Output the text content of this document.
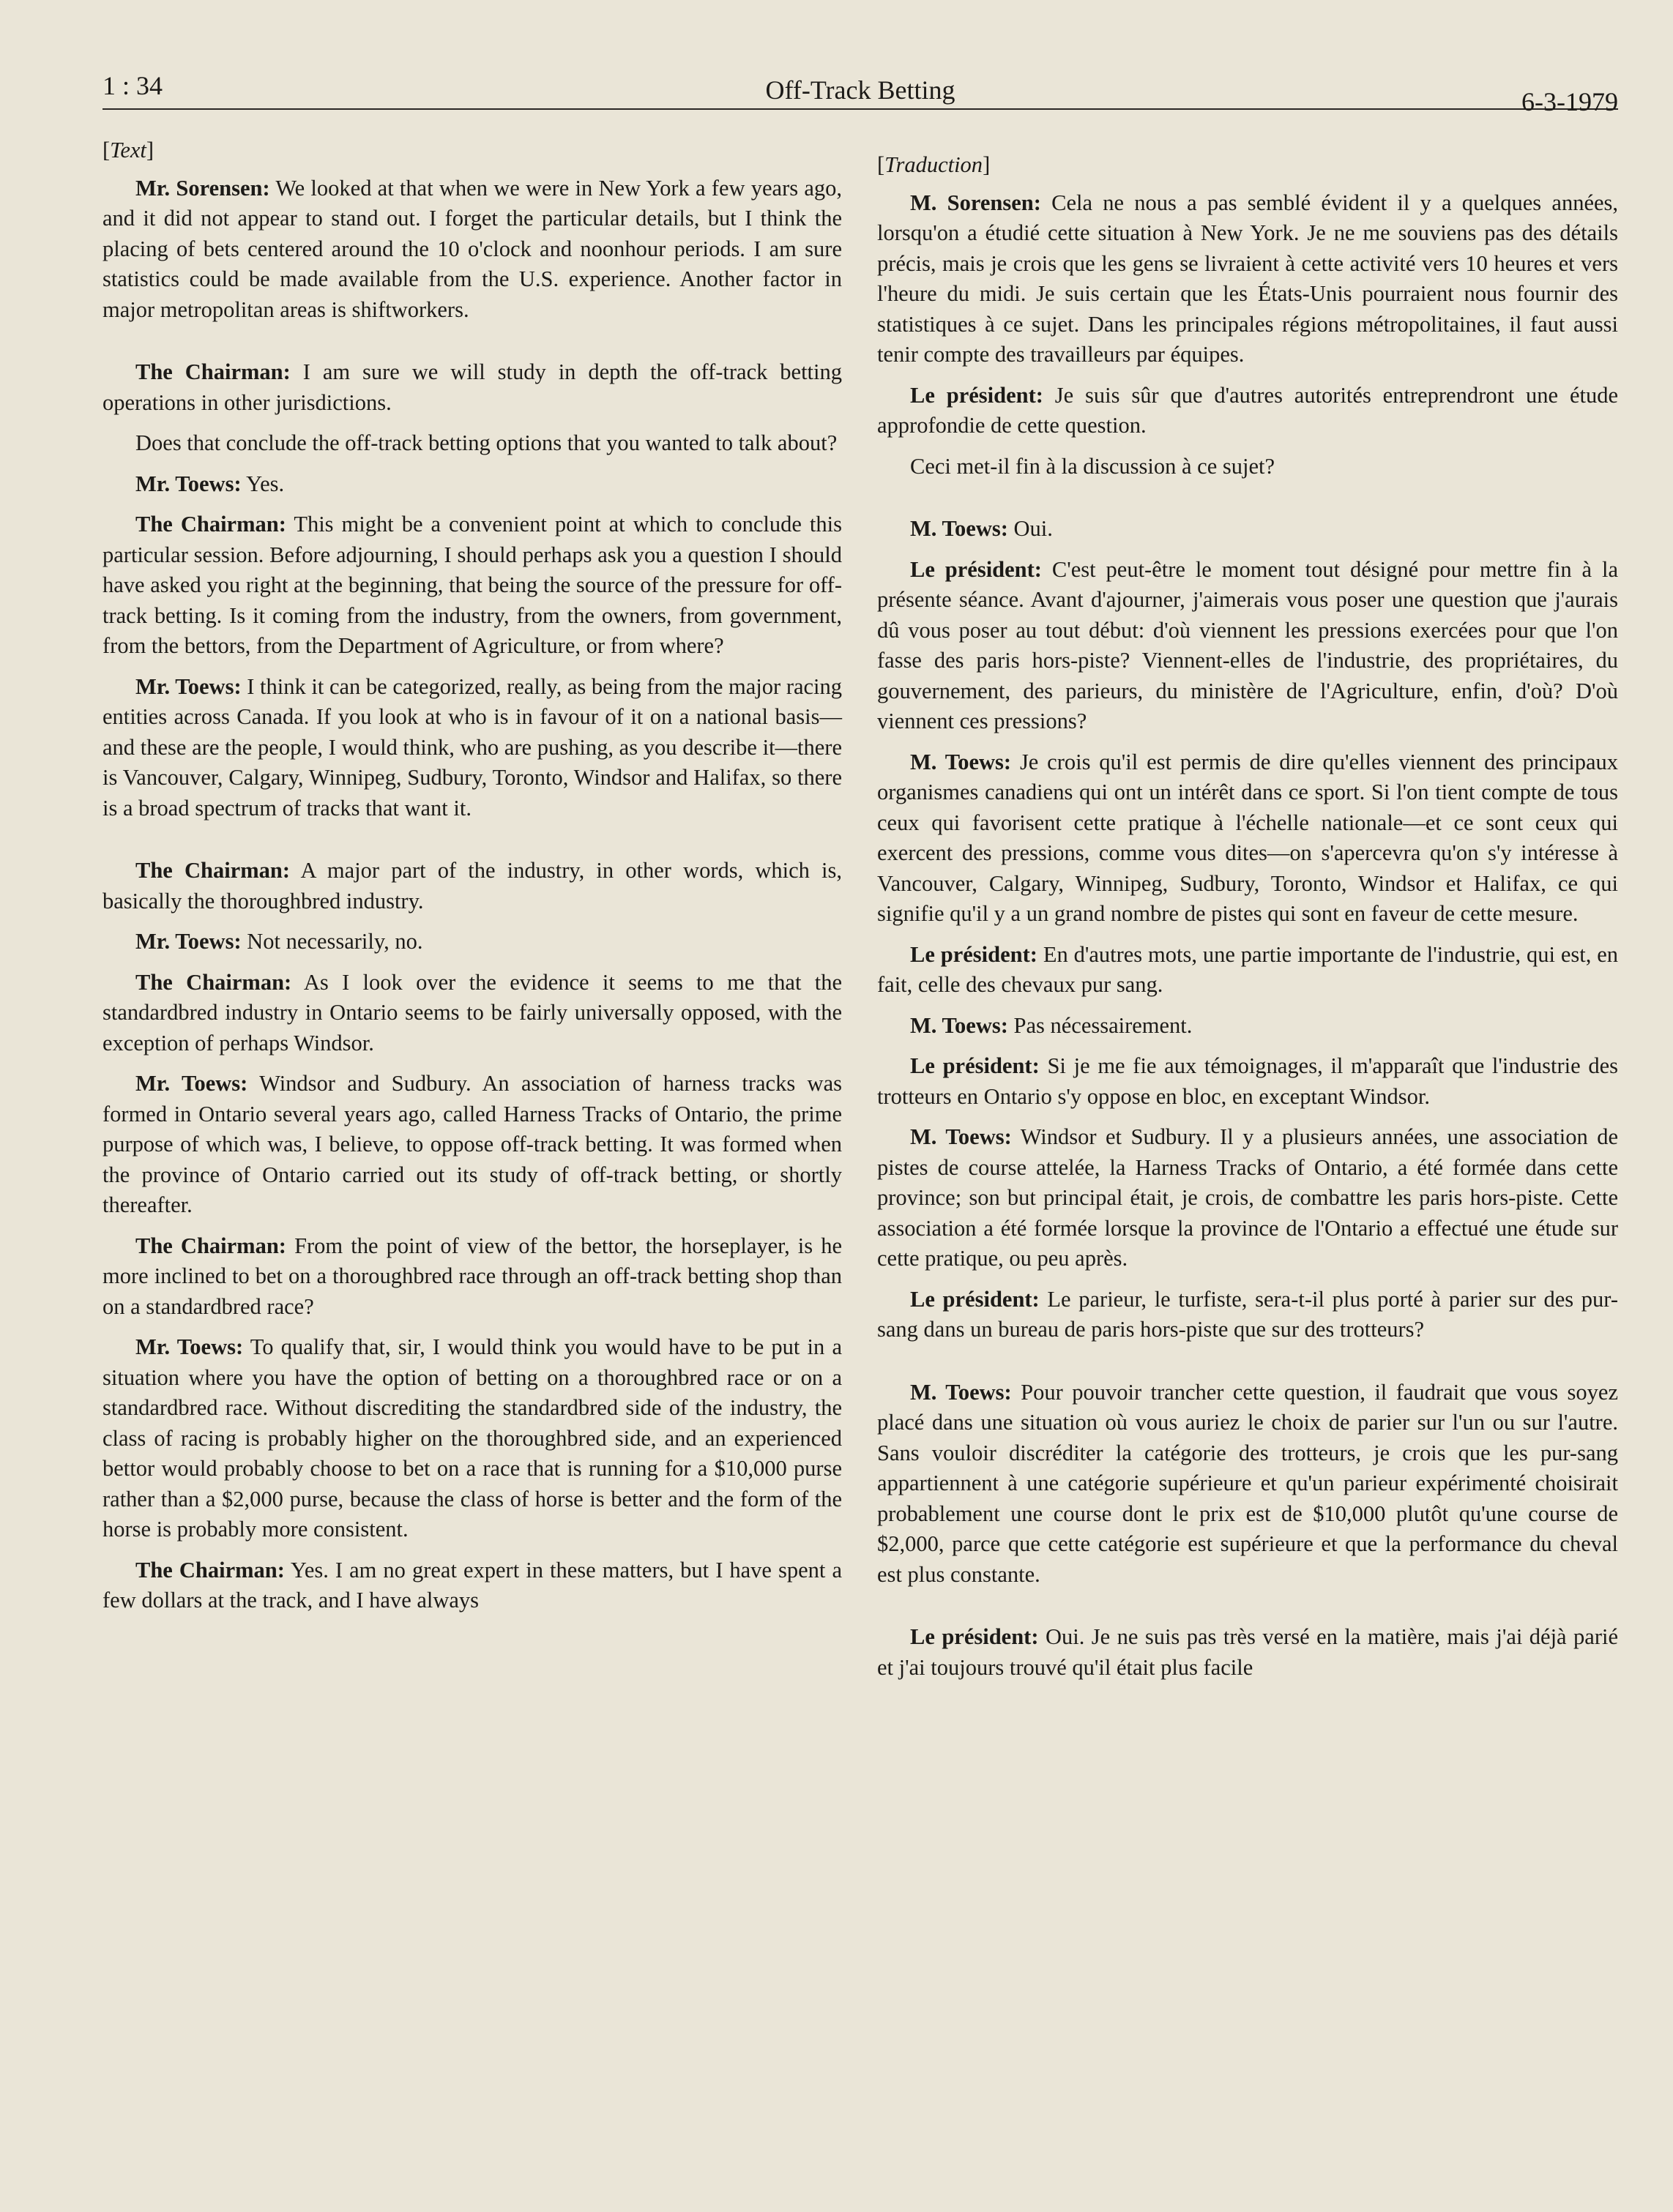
1 : 34	Off-Track Betting	6-3-1979
[Text]
Mr. Sorensen: We looked at that when we were in New York a few years ago, and it did not appear to stand out. I forget the particular details, but I think the placing of bets centered around the 10 o'clock and noonhour periods. I am sure statistics could be made available from the U.S. experience. Another factor in major metropolitan areas is shiftworkers.
The Chairman: I am sure we will study in depth the off-track betting operations in other jurisdictions.
Does that conclude the off-track betting options that you wanted to talk about?
Mr. Toews: Yes.
The Chairman: This might be a convenient point at which to conclude this particular session. Before adjourning, I should perhaps ask you a question I should have asked you right at the beginning, that being the source of the pressure for off-track betting. Is it coming from the industry, from the owners, from government, from the bettors, from the Department of Agriculture, or from where?
Mr. Toews: I think it can be categorized, really, as being from the major racing entities across Canada. If you look at who is in favour of it on a national basis—and these are the people, I would think, who are pushing, as you describe it—there is Vancouver, Calgary, Winnipeg, Sudbury, Toronto, Windsor and Halifax, so there is a broad spectrum of tracks that want it.
The Chairman: A major part of the industry, in other words, which is, basically the thoroughbred industry.
Mr. Toews: Not necessarily, no.
The Chairman: As I look over the evidence it seems to me that the standardbred industry in Ontario seems to be fairly universally opposed, with the exception of perhaps Windsor.
Mr. Toews: Windsor and Sudbury. An association of harness tracks was formed in Ontario several years ago, called Harness Tracks of Ontario, the prime purpose of which was, I believe, to oppose off-track betting. It was formed when the province of Ontario carried out its study of off-track betting, or shortly thereafter.
The Chairman: From the point of view of the bettor, the horseplayer, is he more inclined to bet on a thoroughbred race through an off-track betting shop than on a standardbred race?
Mr. Toews: To qualify that, sir, I would think you would have to be put in a situation where you have the option of betting on a thoroughbred race or on a standardbred race. Without discrediting the standardbred side of the industry, the class of racing is probably higher on the thoroughbred side, and an experienced bettor would probably choose to bet on a race that is running for a $10,000 purse rather than a $2,000 purse, because the class of horse is better and the form of the horse is probably more consistent.
The Chairman: Yes. I am no great expert in these matters, but I have spent a few dollars at the track, and I have always
[Traduction]
M. Sorensen: Cela ne nous a pas semblé évident il y a quelques années, lorsqu'on a étudié cette situation à New York. Je ne me souviens pas des détails précis, mais je crois que les gens se livraient à cette activité vers 10 heures et vers l'heure du midi. Je suis certain que les États-Unis pourraient nous fournir des statistiques à ce sujet. Dans les principales régions métropolitaines, il faut aussi tenir compte des travailleurs par équipes.
Le président: Je suis sûr que d'autres autorités entreprendront une étude approfondie de cette question.
Ceci met-il fin à la discussion à ce sujet?
M. Toews: Oui.
Le président: C'est peut-être le moment tout désigné pour mettre fin à la présente séance. Avant d'ajourner, j'aimerais vous poser une question que j'aurais dû vous poser au tout début: d'où viennent les pressions exercées pour que l'on fasse des paris hors-piste? Viennent-elles de l'industrie, des propriétaires, du gouvernement, des parieurs, du ministère de l'Agriculture, enfin, d'où? D'où viennent ces pressions?
M. Toews: Je crois qu'il est permis de dire qu'elles viennent des principaux organismes canadiens qui ont un intérêt dans ce sport. Si l'on tient compte de tous ceux qui favorisent cette pratique à l'échelle nationale—et ce sont ceux qui exercent des pressions, comme vous dites—on s'apercevra qu'on s'y intéresse à Vancouver, Calgary, Winnipeg, Sudbury, Toronto, Windsor et Halifax, ce qui signifie qu'il y a un grand nombre de pistes qui sont en faveur de cette mesure.
Le président: En d'autres mots, une partie importante de l'industrie, qui est, en fait, celle des chevaux pur sang.
M. Toews: Pas nécessairement.
Le président: Si je me fie aux témoignages, il m'apparaît que l'industrie des trotteurs en Ontario s'y oppose en bloc, en exceptant Windsor.
M. Toews: Windsor et Sudbury. Il y a plusieurs années, une association de pistes de course attelée, la Harness Tracks of Ontario, a été formée dans cette province; son but principal était, je crois, de combattre les paris hors-piste. Cette association a été formée lorsque la province de l'Ontario a effectué une étude sur cette pratique, ou peu après.
Le président: Le parieur, le turfiste, sera-t-il plus porté à parier sur des pur-sang dans un bureau de paris hors-piste que sur des trotteurs?
M. Toews: Pour pouvoir trancher cette question, il faudrait que vous soyez placé dans une situation où vous auriez le choix de parier sur l'un ou sur l'autre. Sans vouloir discréditer la catégorie des trotteurs, je crois que les pur-sang appartiennent à une catégorie supérieure et qu'un parieur expérimenté choisirait probablement une course dont le prix est de $10,000 plutôt qu'une course de $2,000, parce que cette catégorie est supérieure et que la performance du cheval est plus constante.
Le président: Oui. Je ne suis pas très versé en la matière, mais j'ai déjà parié et j'ai toujours trouvé qu'il était plus facile
